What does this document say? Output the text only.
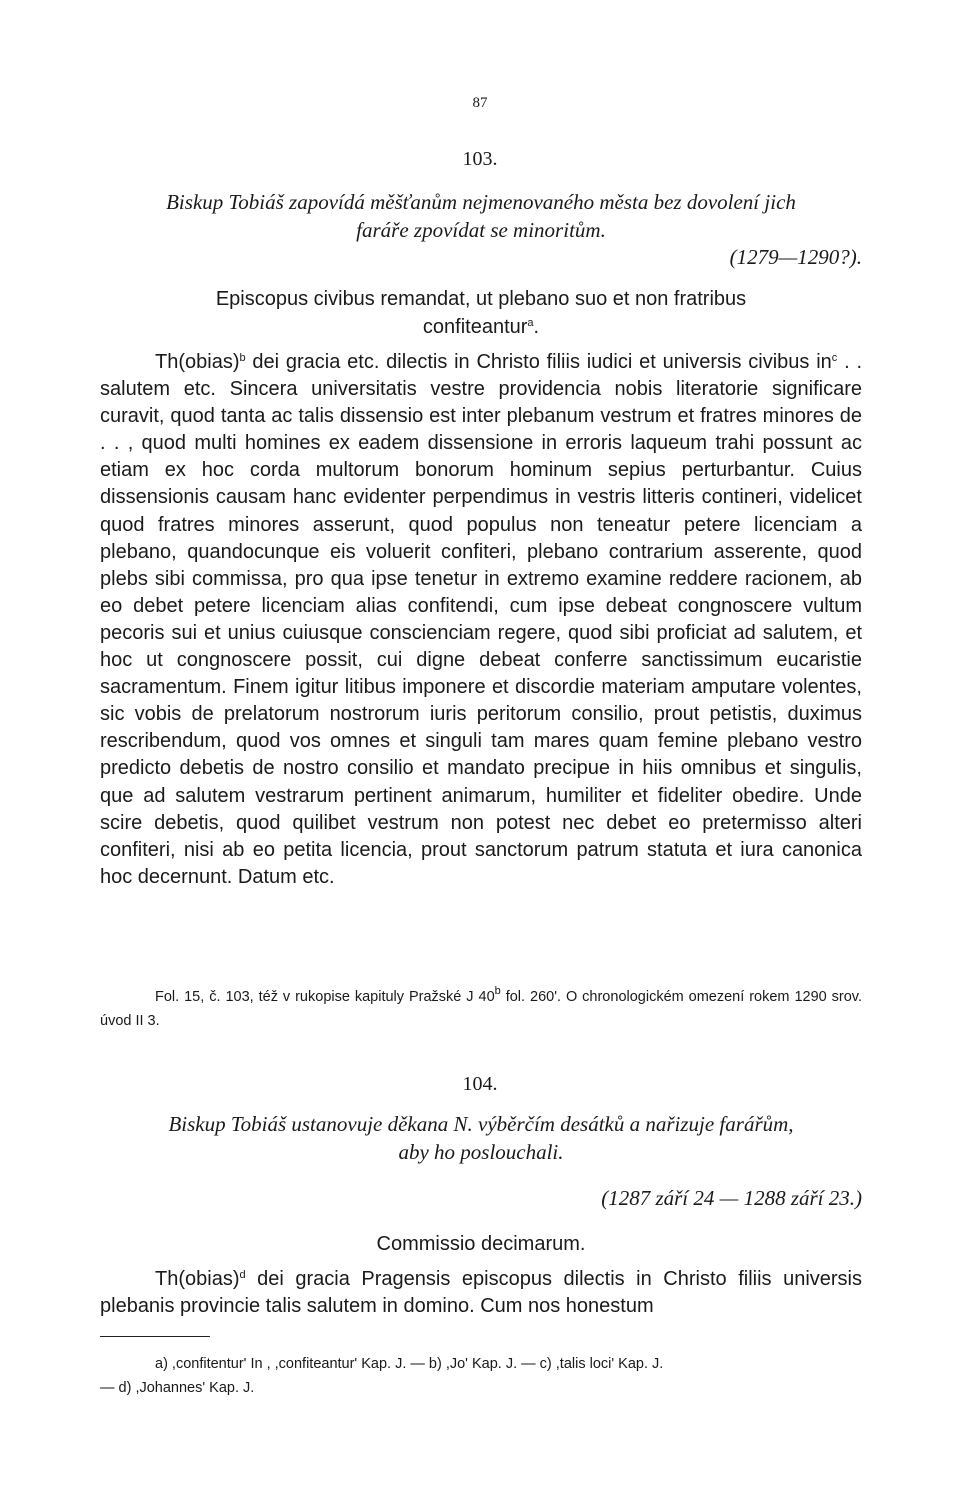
87
103.
Biskup Tobiáš zapovídá měšťanům nejmenovaného města bez dovolení jich
faráře zpovídat se minoritům.
(1279—1290?).
Episcopus civibus remandat, ut plebano suo et non fratribus
confiteantur$^a$.

Th(obias)$^b$ dei gracia etc. dilectis in Christo filiis iudici et universis civibus $in^c$ . . salutem etc. Sincera universitatis vestre providencia nobis literatorie significare curavit, quod tanta ac talis dissensio est inter plebanum vestrum et fratres minores de . . , quod multi homines ex eadem dissensione in erroris laqueum trahi possunt ac etiam ex hoc corda multorum bonorum hominum sepius perturbantur. Cuius dissensionis causam hanc evidenter perpendimus in vestris litteris contineri, videlicet quod fratres minores asserunt, quod populus non teneatur petere licenciam a plebano, quandocunque eis voluerit confiteri, plebano contrarium asserente, quod plebs sibi commissa, pro qua ipse tenetur in extremo examine reddere racionem, ab eo debet petere licenciam alias confitendi, cum ipse debeat congnoscere vultum pecoris sui et unius cuiusque conscienciam regere, quod sibi proficiat ad salutem, et hoc ut congnoscere possit, cui digne debeat conferre sanctissimum eucaristie sacramentum. Finem igitur litibus imponere et discordie materiam amputare volentes, sic vobis de prelatorum nostrorum iuris peritorum consilio, prout petistis, duximus rescribendum, quod vos omnes et singuli tam mares quam femine plebano vestro predicto debetis de nostro consilio et mandato precipue in hiis omnibus et singulis, que ad salutem vestrarum pertinent animarum, humiliter et fideliter obedire. Unde scire debetis, quod quilibet vestrum non potest nec debet eo pretermisso alteri confiteri, nisi ab eo petita licencia, prout sanctorum patrum statuta et iura canonica hoc decernunt. Datum etc.

Fol. 15, č. 103, též v rukopise kapituly Pražské J 40$^b$ fol. 260'. O chronologickém omezení rokem 1290 srov. úvod II 3.

104.
Biskup Tobiáš ustanovuje děkana N. výběrčím desátků a nařizuje farářům,
aby ho poslouchali.
(1287 září 24 — 1288 září 23.)
Commissio decimarum.

Th(obias)$^d$ dei gracia Pragensis episcopus dilectis in Christo filiis universis plebanis provincie talis salutem in domino. Cum nos honestum

a) ,confitentur' In , ,confiteantur' Kap. J. — b) ,Jo' Kap. J. — c) ,talis loci' Kap. J.
— d) ,Johannes' Kap. J.
